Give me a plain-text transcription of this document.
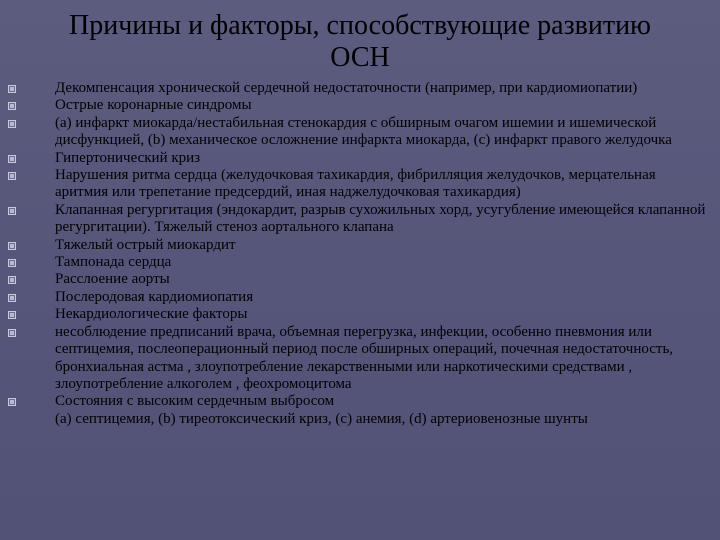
Причины и факторы, способствующие развитию
ОСН
Декомпенсация хронической сердечной недостаточности (например, при кардиомиопатии)
Острые коронарные синдромы
(a) инфаркт миокарда/нестабильная стенокардия с обширным очагом ишемии и ишемической дисфункцией, (b) механическое осложнение инфаркта миокарда, (c) инфаркт правого желудочка
Гипертонический криз
Нарушения ритма сердца (желудочковая тахикардия, фибрилляция желудочков, мерцательная аритмия или трепетание предсердий, иная наджелудочковая тахикардия)
Клапанная регургитация (эндокардит, разрыв сухожильных хорд, усугубление имеющейся клапанной регургитации). Тяжелый стеноз аортального клапана
Тяжелый острый миокардит
Тампонада сердца
Расслоение аорты
Послеродовая кардиомиопатия
Некардиологические факторы
несоблюдение предписаний врача, объемная перегрузка, инфекции, особенно пневмония или септицемия, послеоперационный период после обширных операций, почечная недостаточность, бронхиальная астма , злоупотребление лекарственными или наркотическими средствами , злоупотребление алкоголем , феохромоцитома
Состояния с высоким сердечным выбросом
(a) септицемия, (b) тиреотоксический криз, (c) анемия, (d) артериовенозные шунты
